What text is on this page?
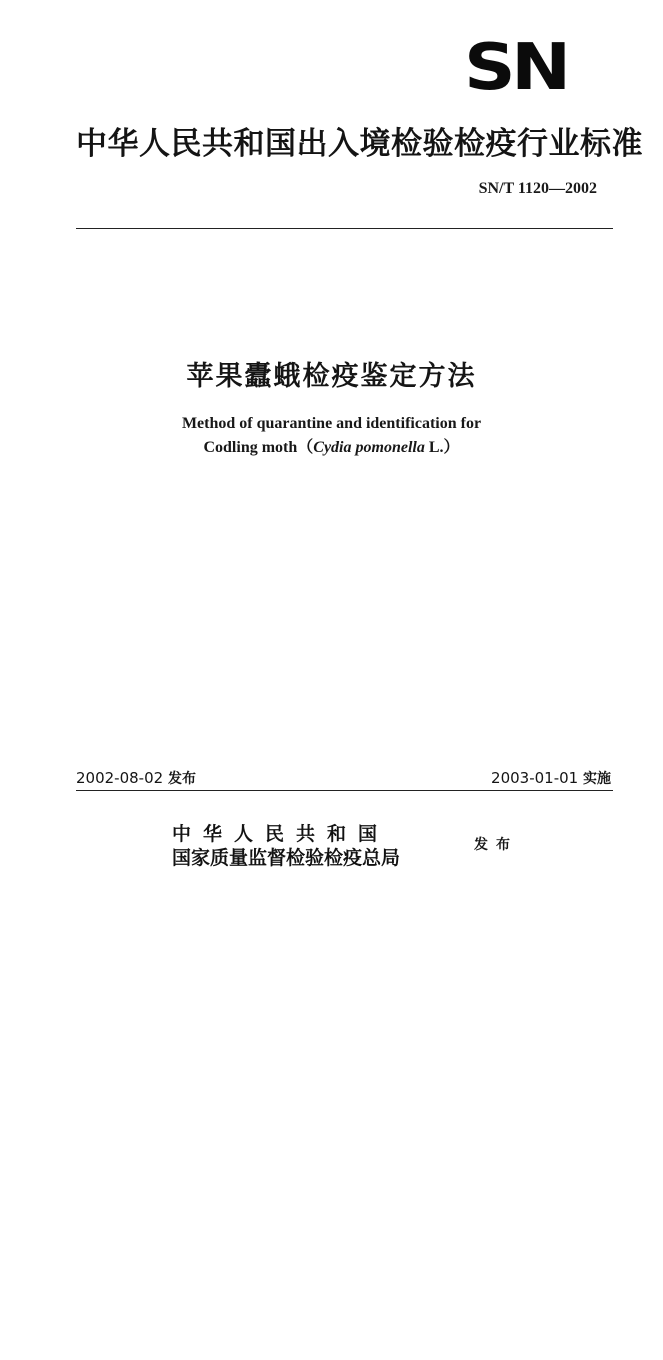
SN
中华人民共和国出入境检验检疫行业标准
SN/T 1120—2002
苹果蠹蛾检疫鉴定方法
Method of quarantine and identification for
Codling moth（Cydia pomonella L.）
2002-08-02 发布	2003-01-01 实施
中华人民共和国
国家质量监督检验检疫总局
发布
